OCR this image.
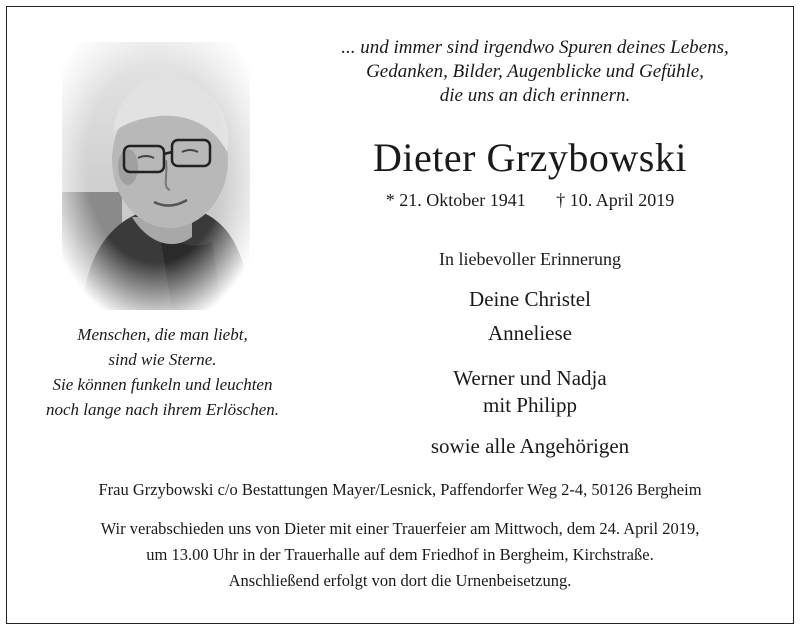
Menschen, die man liebt,
sind wie Sterne.
Sie können funkeln und leuchten
noch lange nach ihrem Erlöschen.
... und immer sind irgendwo Spuren deines Lebens,
Gedanken, Bilder, Augenblicke und Gefühle,
die uns an dich erinnern.
Dieter Grzybowski
* 21. Oktober 1941 † 10. April 2019
In liebevoller Erinnerung
Deine Christel
Anneliese
Werner und Nadja
mit Philipp
sowie alle Angehörigen
Frau Grzybowski c/o Bestattungen Mayer/Lesnick, Paffendorfer Weg 2-4, 50126 Bergheim
Wir verabschieden uns von Dieter mit einer Trauerfeier am Mittwoch, dem 24. April 2019,
um 13.00 Uhr in der Trauerhalle auf dem Friedhof in Bergheim, Kirchstraße.
Anschließend erfolgt von dort die Urnenbeisetzung.
